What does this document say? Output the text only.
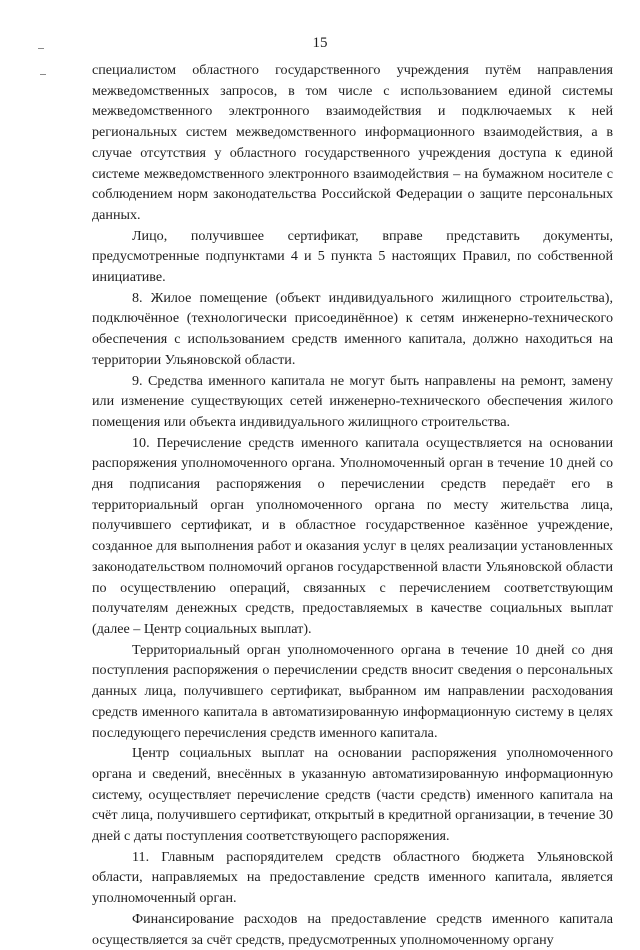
15

специалистом областного государственного учреждения путём направления межведомственных запросов, в том числе с использованием единой системы межведомственного электронного взаимодействия и подключаемых к ней региональных систем межведомственного информационного взаимодействия, а в случае отсутствия у областного государственного учреждения доступа к единой системе межведомственного электронного взаимодействия – на бумажном носителе с соблюдением норм законодательства Российской Федерации о защите персональных данных.

Лицо, получившее сертификат, вправе представить документы, предусмотренные подпунктами 4 и 5 пункта 5 настоящих Правил, по собственной инициативе.

8. Жилое помещение (объект индивидуального жилищного строительства), подключённое (технологически присоединённое) к сетям инженерно-технического обеспечения с использованием средств именного капитала, должно находиться на территории Ульяновской области.

9. Средства именного капитала не могут быть направлены на ремонт, замену или изменение существующих сетей инженерно-технического обеспечения жилого помещения или объекта индивидуального жилищного строительства.

10. Перечисление средств именного капитала осуществляется на основании распоряжения уполномоченного органа. Уполномоченный орган в течение 10 дней со дня подписания распоряжения о перечислении средств передаёт его в территориальный орган уполномоченного органа по месту жительства лица, получившего сертификат, и в областное государственное казённое учреждение, созданное для выполнения работ и оказания услуг в целях реализации установленных законодательством полномочий органов государственной власти Ульяновской области по осуществлению операций, связанных с перечислением соответствующим получателям денежных средств, предоставляемых в качестве социальных выплат (далее – Центр социальных выплат).

Территориальный орган уполномоченного органа в течение 10 дней со дня поступления распоряжения о перечислении средств вносит сведения о персональных данных лица, получившего сертификат, выбранном им направлении расходования средств именного капитала в автоматизированную информационную систему в целях последующего перечисления средств именного капитала.

Центр социальных выплат на основании распоряжения уполномоченного органа и сведений, внесённых в указанную автоматизированную информационную систему, осуществляет перечисление средств (части средств) именного капитала на счёт лица, получившего сертификат, открытый в кредитной организации, в течение 30 дней с даты поступления соответствующего распоряжения.

11. Главным распорядителем средств областного бюджета Ульяновской области, направляемых на предоставление средств именного капитала, является уполномоченный орган.

Финансирование расходов на предоставление средств именного капитала осуществляется за счёт средств, предусмотренных уполномоченному органу
